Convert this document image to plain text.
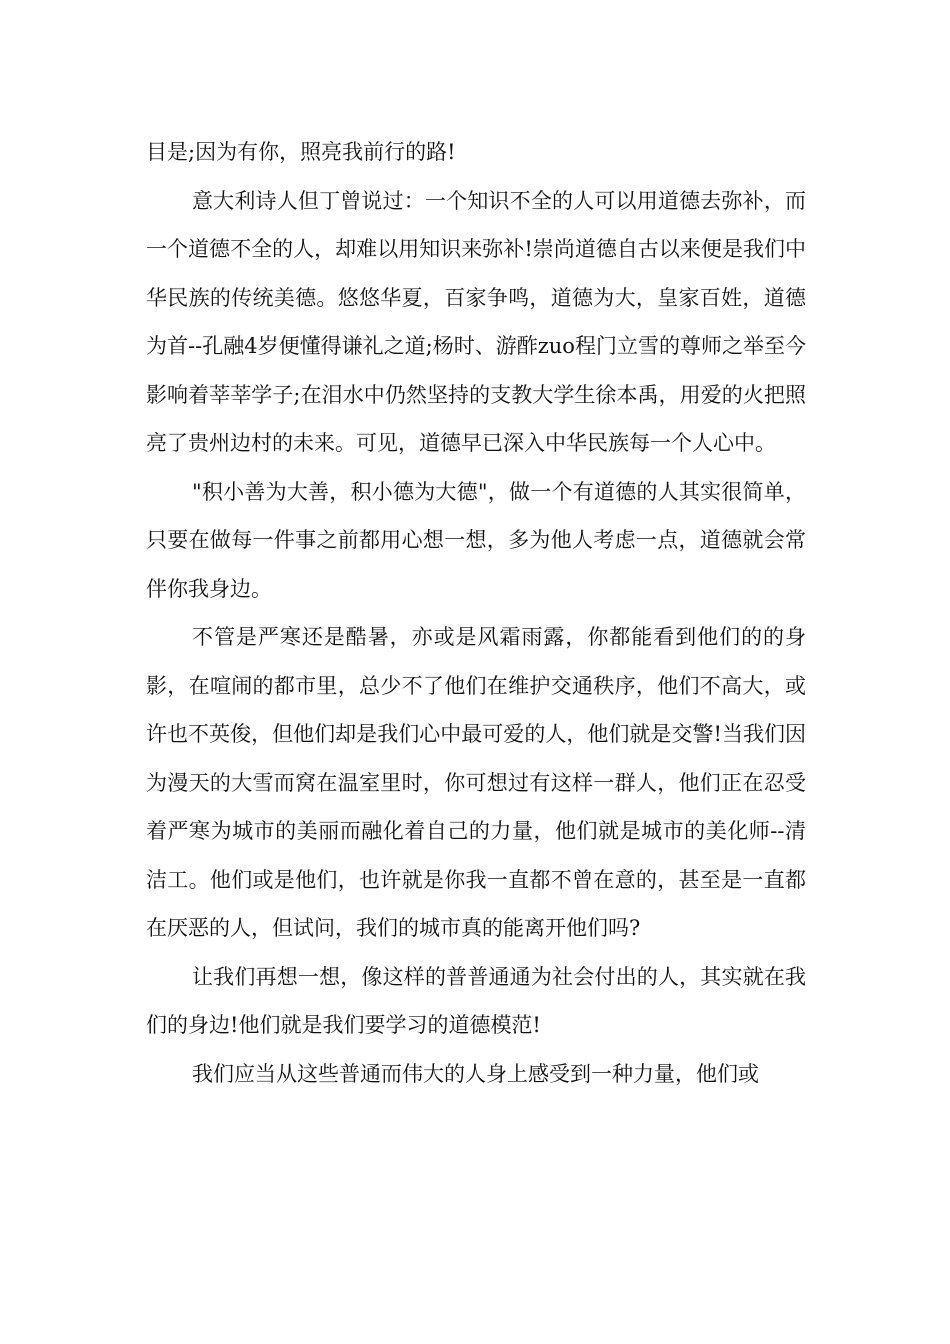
目是;因为有你，照亮我前行的路!

意大利诗人但丁曾说过：一个知识不全的人可以用道德去弥补，而一个道德不全的人，却难以用知识来弥补!崇尚道德自古以来便是我们中华民族的传统美德。悠悠华夏，百家争鸣，道德为大，皇家百姓，道德为首--孔融4岁便懂得谦礼之道;杨时、游酢zuo程门立雪的尊师之举至今影响着莘莘学子;在泪水中仍然坚持的支教大学生徐本禹，用爱的火把照亮了贵州边村的未来。可见，道德早已深入中华民族每一个人心中。

"积小善为大善，积小德为大德"，做一个有道德的人其实很简单，只要在做每一件事之前都用心想一想，多为他人考虑一点，道德就会常伴你我身边。

不管是严寒还是酷暑，亦或是风霜雨露，你都能看到他们的的身影，在喧闹的都市里，总少不了他们在维护交通秩序，他们不高大，或许也不英俊，但他们却是我们心中最可爱的人，他们就是交警!当我们因为漫天的大雪而窝在温室里时，你可想过有这样一群人，他们正在忍受着严寒为城市的美丽而融化着自己的力量，他们就是城市的美化师--清洁工。他们或是他们，也许就是你我一直都不曾在意的，甚至是一直都在厌恶的人，但试问，我们的城市真的能离开他们吗?

让我们再想一想，像这样的普普通通为社会付出的人，其实就在我们的身边!他们就是我们要学习的道德模范!

我们应当从这些普通而伟大的人身上感受到一种力量，他们或
